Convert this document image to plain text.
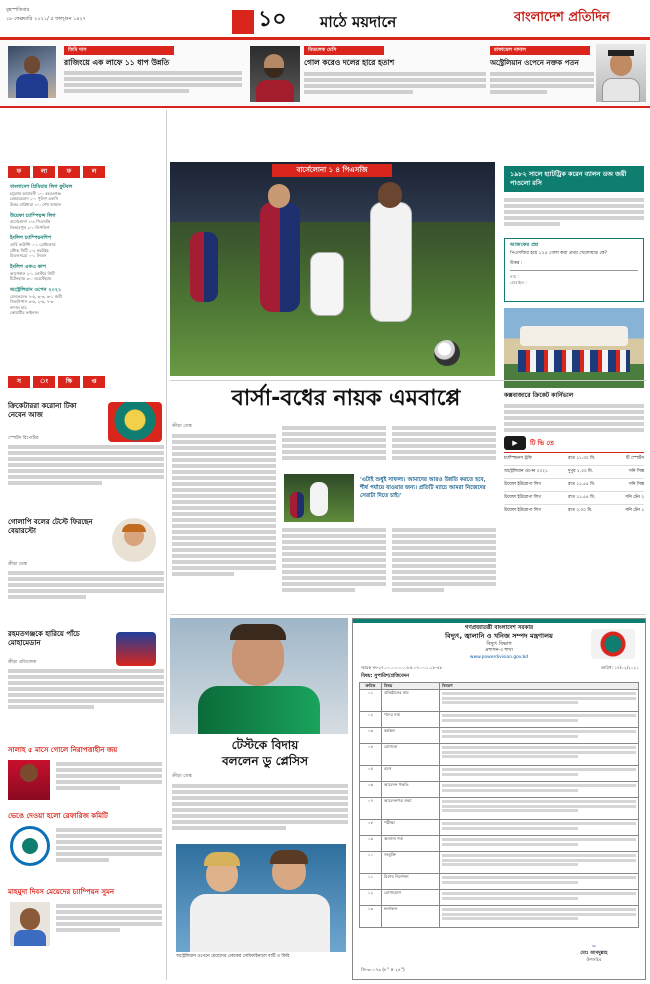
বৃহস্পতিবার
১৮ ফেব্রুয়ারি ২০২১/ ৫ ফাল্গুন ১৪২৭	১০ মাঠে ময়দানে	বাংলাদেশ প্রতিদিন
তিমি দাস
রাজিংয়ে এক লাফে ১১ ধাপ উন্নতি
মিডলেক মেসি
গোল করেও দলের হারে হতাশ
রাফায়েল নাদাল
অস্ট্রেলিয়ান ওপেনে নক্তক পতন
ফ	লা	ফ	ল
বাংলাদেশ প্রিমিয়ার লিগ ফুটবল
চট্টগ্রাম আবাহনী ১-০ রহমতগঞ্জ
মোহামেডান ১-০ পুলিশ এফসি
উত্তর বারিধারা ১-০ শেখ জামাল
উয়েফা চ্যাম্পিয়ন্স লিগ
বার্সেলোনা ১-৪ পিএসজি
লিভারপুল ২-০ লিপজিগ
ইংলিশ চ্যাম্পিয়নশিপ
ডার্বি কাউন্টি ০-১ ব্রেন্টফোর্ড
স্টোক সিটি ১-২ নরউইচ
মিডলসব্রো ০-১ লিডস
ইংলিশ এফএ কাপ
আর্সেনাল ২-১ লেস্টার সিটি
টটেনহ্যাম ৩-০ ওয়েস্টহ্যাম
অস্ট্রেলিয়ান ওপেন ২০২১
মেদভেদেভ ৭-৫, ৬-৩, ৬-১ জয়ী
সিতসিপাস ৩-৬, ২-৬, ৭-৬
নাদাল হার
কোয়ার্টার ফাইনাল
স	ং	ক্ষি	প্ত
ক্রিকেটাররা করোনা টিকা নেবেন আজ
স্পোর্টস রিপোর্টার
গোলাপি বলের টেস্টে ফিরছেন বেয়ারস্টো
ক্রীড়া ডেস্ক
রহমতগঞ্জকে হারিয়ে পাঁচে মোহামেডান
ক্রীড়া প্রতিবেদক
সালাহ ৫ মাসে গোলে নিরাপত্তাহীন জয়
ভেঙে দেওয়া হলো রেফারিজ কমিটি
মাহমুদা দিবস মেয়েদের চ্যাম্পিয়ন সুমন
বার্সেলোনা ১ ৪ পিএসজি	১৯৮২ সালে হ্যাটট্রিক করেন ব্যালন ডঅ জয়ী পাওলো রসি
আজকের প্রশ্ন
পিএসজির হয়ে ১২৫ গোল করা প্রথম খেলোয়াড় কে?
উত্তর :
নাম :
মোবাইল :
কক্সবাজারে ক্রিকেট কার্নিভাল
▶	টি ভি তে
চ্যাম্পিয়নস ট্রফি	রাত ১১.৩০ মি.	টি স্পোর্টস
অস্ট্রেলিয়ান ওপেন ২০২১	দুপুর ২.০০ মি.	সনি সিক্স
উয়েফা ইউরোপা লিগ	রাত ১১.৫৫ মি.	সনি সিক্স
উয়েফা ইউরোপা লিগ	রাত ১১.৫৫ মি.	সনি টেন ২
উয়েফা ইউরোপা লিগ	রাত ২.০০ মি.	সনি টেন ১
বার্সা-বধের নায়ক এমবাপ্পে
ক্রীড়া ডেস্ক
'এটাই শুধুই সাফল্য। আমাদের আরও উন্নতি করতে হবে, শীর্ষ পর্যায়ে যাওয়ার জন্য। প্রতিটি ম্যাচে আমরা নিজেদের সেরাটা দিতে চাই।'
টেস্টকে বিদায়
বললেন ডু প্লেসিস
ক্রীড়া ডেস্ক
অস্ট্রেলিয়ান ওপেনে মেয়েদের এককের সেমিফাইনালে বার্টি ও কিরি
গণপ্রজাতন্ত্রী বাংলাদেশ সরকার
বিদ্যুৎ, জ্বালানি ও খনিজ সম্পদ মন্ত্রণালয়
বিদ্যুৎ বিভাগ
প্রশাসন-৩ শাখা
www.powerdivision.gov.bd
স্মারক নং-২৭.০০.০০০০.০৮৫.০৭.০০১.১৮-৪৮	তারিখ: ১৭/০২/২০২১
বিষয়: সুপারিশ/প্রতিবেদন
ক্রমিক	বিষয়	বিবরণ
০১	প্রতিষ্ঠানের নাম
০২	পদের নাম
০৩	কর্মস্থল
০৪	যোগ্যতা
০৫	বয়স
০৬	আবেদন পদ্ধতি
০৭	আবেদনপত্র জমা
০৮	পরীক্ষা
০৯	অন্যান্য শর্ত
১০	সংযুক্তি
১১	বিশেষ নির্দেশনা
১২	যোগাযোগ
১৩	ফলাফল
~
মোঃ আবদুল্লাহ
উপসচিব
জি-৩০০৭৯ (৮'' × ২৪'')
